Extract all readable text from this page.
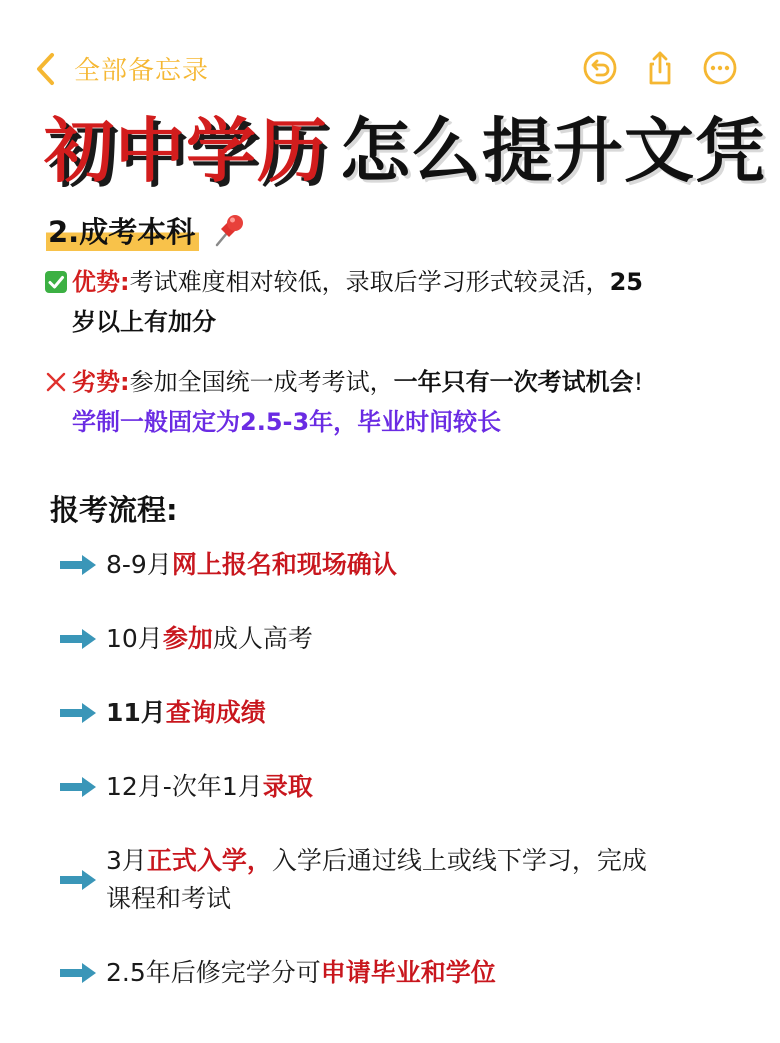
全部备忘录
初中学历 怎么提升文凭
2.成考本科
优势:考试难度相对较低，录取后学习形式较灵活，25
岁以上有加分
劣势:参加全国统一成考考试，一年只有一次考试机会!
学制一般固定为2.5-3年，毕业时间较长
报考流程:
8-9月网上报名和现场确认
10月参加成人高考
11月查询成绩
12月-次年1月录取
3月正式入学，入学后通过线上或线下学习，完成
课程和考试
2.5年后修完学分可申请毕业和学位
